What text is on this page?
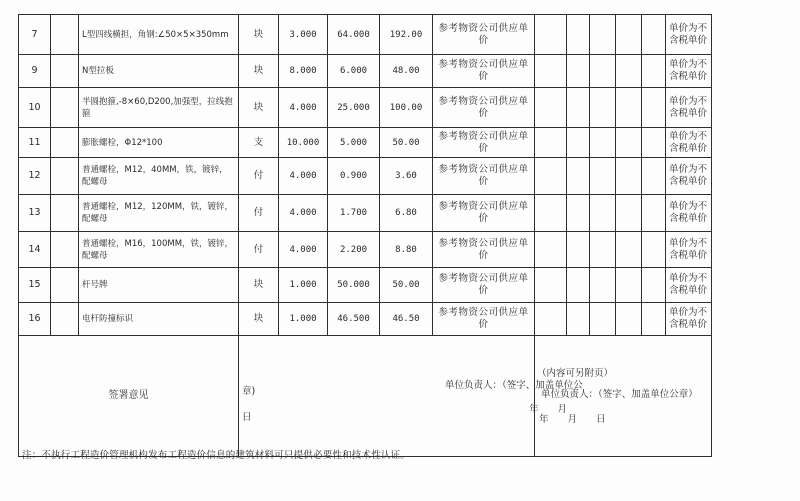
7		L型四线横担，角钢:∠50×5×350mm	块	3.000	64.000	192.00	参考物资公司供应单价						单价为不含税单价
9		N型拉板	块	8.000	6.000	48.00	参考物资公司供应单价						单价为不含税单价
10		半圆抱箍,-8×60,D200,加强型，拉线抱箍	块	4.000	25.000	100.00	参考物资公司供应单价						单价为不含税单价
11		膨胀螺栓，Φ12*100	支	10.000	5.000	50.00	参考物资公司供应单价						单价为不含税单价
12		普通螺栓，M12，40MM，铁，镀锌，配螺母	付	4.000	0.900	3.60	参考物资公司供应单价						单价为不含税单价
13		普通螺栓，M12，120MM，铁，镀锌，配螺母	付	4.000	1.700	6.80	参考物资公司供应单价						单价为不含税单价
14		普通螺栓，M16，100MM，铁，镀锌，配螺母	付	4.000	2.200	8.80	参考物资公司供应单价						单价为不含税单价
15		杆号牌	块	1.000	50.000	50.00	参考物资公司供应单价						单价为不含税单价
16		电杆防撞标识	块	1.000	46.500	46.50	参考物资公司供应单价						单价为不含税单价
签署意见			章)
日
单位负责人：（签字、加盖单位公
年　　月					（内容可另附页）
单位负责人：（签字、加盖单位公章）
年　　月　　日					
注：不执行工程造价管理机构发布工程造价信息的建筑材料可只提供必要性和技术性认证。
